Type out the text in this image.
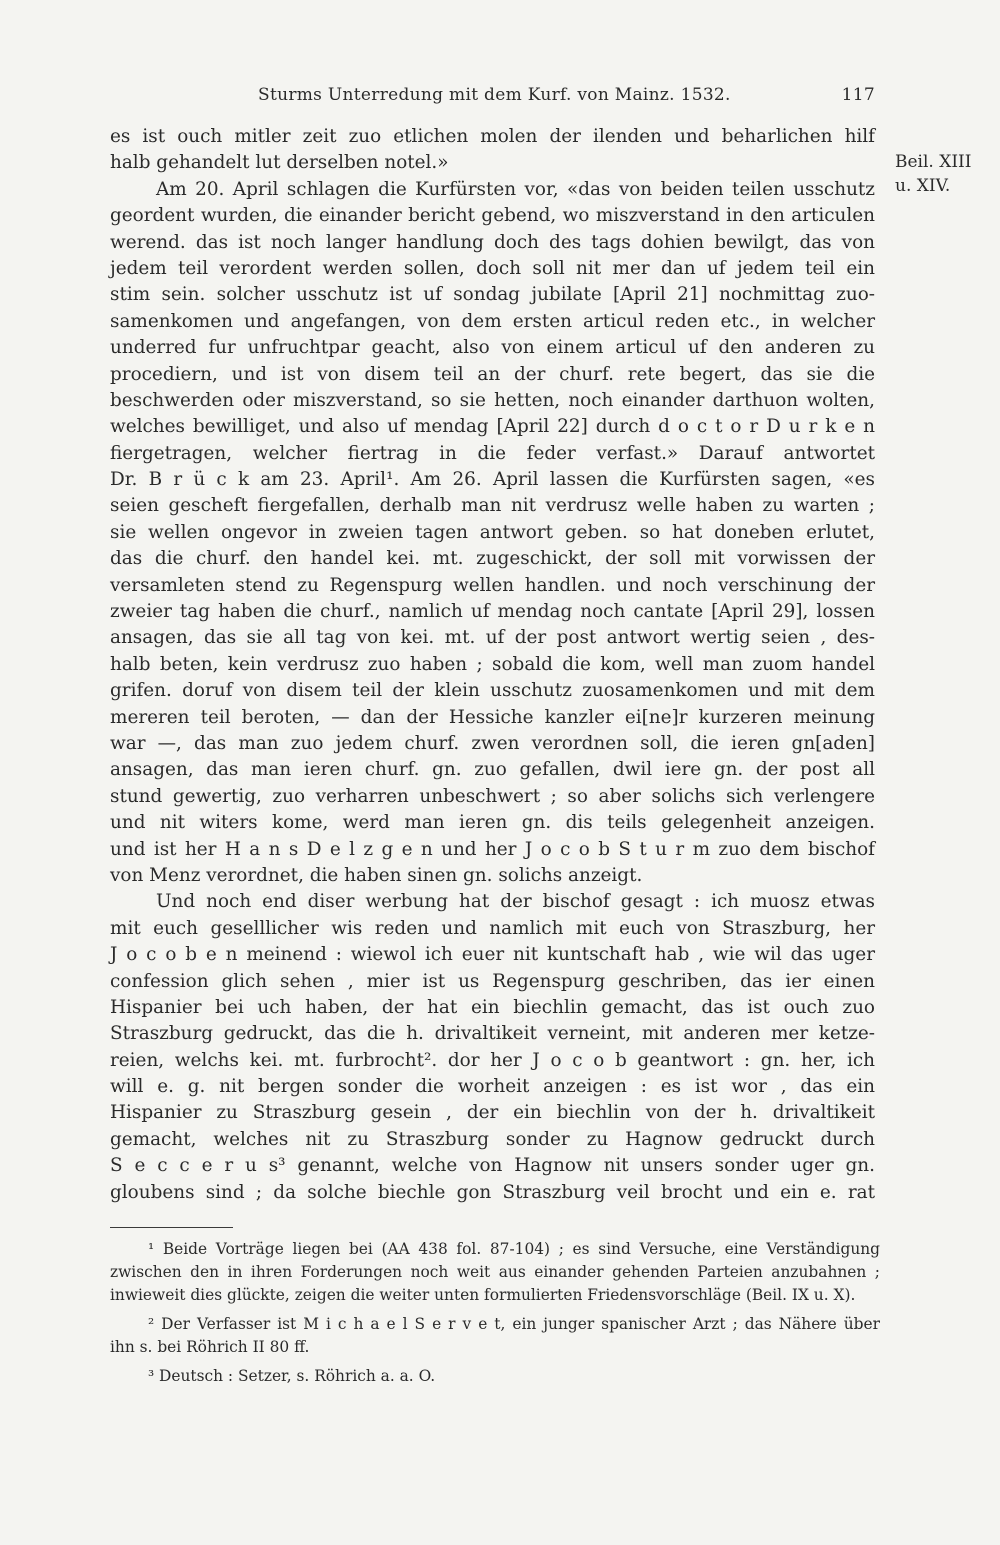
Sturms Unterredung mit dem Kurf. von Mainz. 1532.	117
Beil. XIII
u. XIV.
es ist ouch mitler zeit zuo etlichen molen der ilenden und beharlichen hilf
halb gehandelt lut derselben notel.»
Am 20. April schlagen die Kurfürsten vor, «das von beiden teilen usschutz
geordent wurden, die einander bericht gebend, wo miszverstand in den articulen
werend. das ist noch langer handlung doch des tags dohien bewilgt, das von
jedem teil verordent werden sollen, doch soll nit mer dan uf jedem teil ein
stim sein. solcher usschutz ist uf sondag jubilate [April 21] nochmittag zuo-
samenkomen und angefangen, von dem ersten articul reden etc., in welcher
underred fur unfruchtpar geacht, also von einem articul uf den anderen zu
procediern, und ist von disem teil an der churf. rete begert, das sie die
beschwerden oder miszverstand, so sie hetten, noch einander darthuon wolten,
welches bewilliget, und also uf mendag [April 22] durch d o c t o r D u r k e n
fiergetragen, welcher fiertrag in die feder verfast.» Darauf antwortet
Dr. B r ü c k am 23. April¹. Am 26. April lassen die Kurfürsten sagen, «es
seien gescheft fiergefallen, derhalb man nit verdrusz welle haben zu warten ;
sie wellen ongevor in zweien tagen antwort geben. so hat doneben erlutet,
das die churf. den handel kei. mt. zugeschickt, der soll mit vorwissen der
versamleten stend zu Regenspurg wellen handlen. und noch verschinung der
zweier tag haben die churf., namlich uf mendag noch cantate [April 29], lossen
ansagen, das sie all tag von kei. mt. uf der post antwort wertig seien , des-
halb beten, kein verdrusz zuo haben ; sobald die kom, well man zuom handel
grifen. doruf von disem teil der klein usschutz zuosamenkomen und mit dem
mereren teil beroten, — dan der Hessiche kanzler ei[ne]r kurzeren meinung
war —, das man zuo jedem churf. zwen verordnen soll, die ieren gn[aden]
ansagen, das man ieren churf. gn. zuo gefallen, dwil iere gn. der post all
stund gewertig, zuo verharren unbeschwert ; so aber solichs sich verlengere
und nit witers kome, werd man ieren gn. dis teils gelegenheit anzeigen.
und ist her H a n s D e l z g e n und her J o c o b S t u r m zuo dem bischof
von Menz verordnet, die haben sinen gn. solichs anzeigt.
Und noch end diser werbung hat der bischof gesagt : ich muosz etwas
mit euch geselllicher wis reden und namlich mit euch von Straszburg, her
J o c o b e n meinend : wiewol ich euer nit kuntschaft hab , wie wil das uger
confession glich sehen , mier ist us Regenspurg geschriben, das ier einen
Hispanier bei uch haben, der hat ein biechlin gemacht, das ist ouch zuo
Straszburg gedruckt, das die h. drivaltikeit verneint, mit anderen mer ketze-
reien, welchs kei. mt. furbrocht². dor her J o c o b geantwort : gn. her, ich
will e. g. nit bergen sonder die worheit anzeigen : es ist wor , das ein
Hispanier zu Straszburg gesein , der ein biechlin von der h. drivaltikeit
gemacht, welches nit zu Straszburg sonder zu Hagnow gedruckt durch
S e c c e r u s³ genannt, welche von Hagnow nit unsers sonder uger gn.
gloubens sind ; da solche biechle gon Straszburg veil brocht und ein e. rat
¹ Beide Vorträge liegen bei (AA 438 fol. 87-104) ; es sind Versuche, eine Verständigung
zwischen den in ihren Forderungen noch weit aus einander gehenden Parteien anzubahnen ;
inwieweit dies glückte, zeigen die weiter unten formulierten Friedensvorschläge (Beil. IX u. X).
² Der Verfasser ist M i c h a e l S e r v e t, ein junger spanischer Arzt ; das Nähere über
ihn s. bei Röhrich II 80 ff.
³ Deutsch : Setzer, s. Röhrich a. a. O.
